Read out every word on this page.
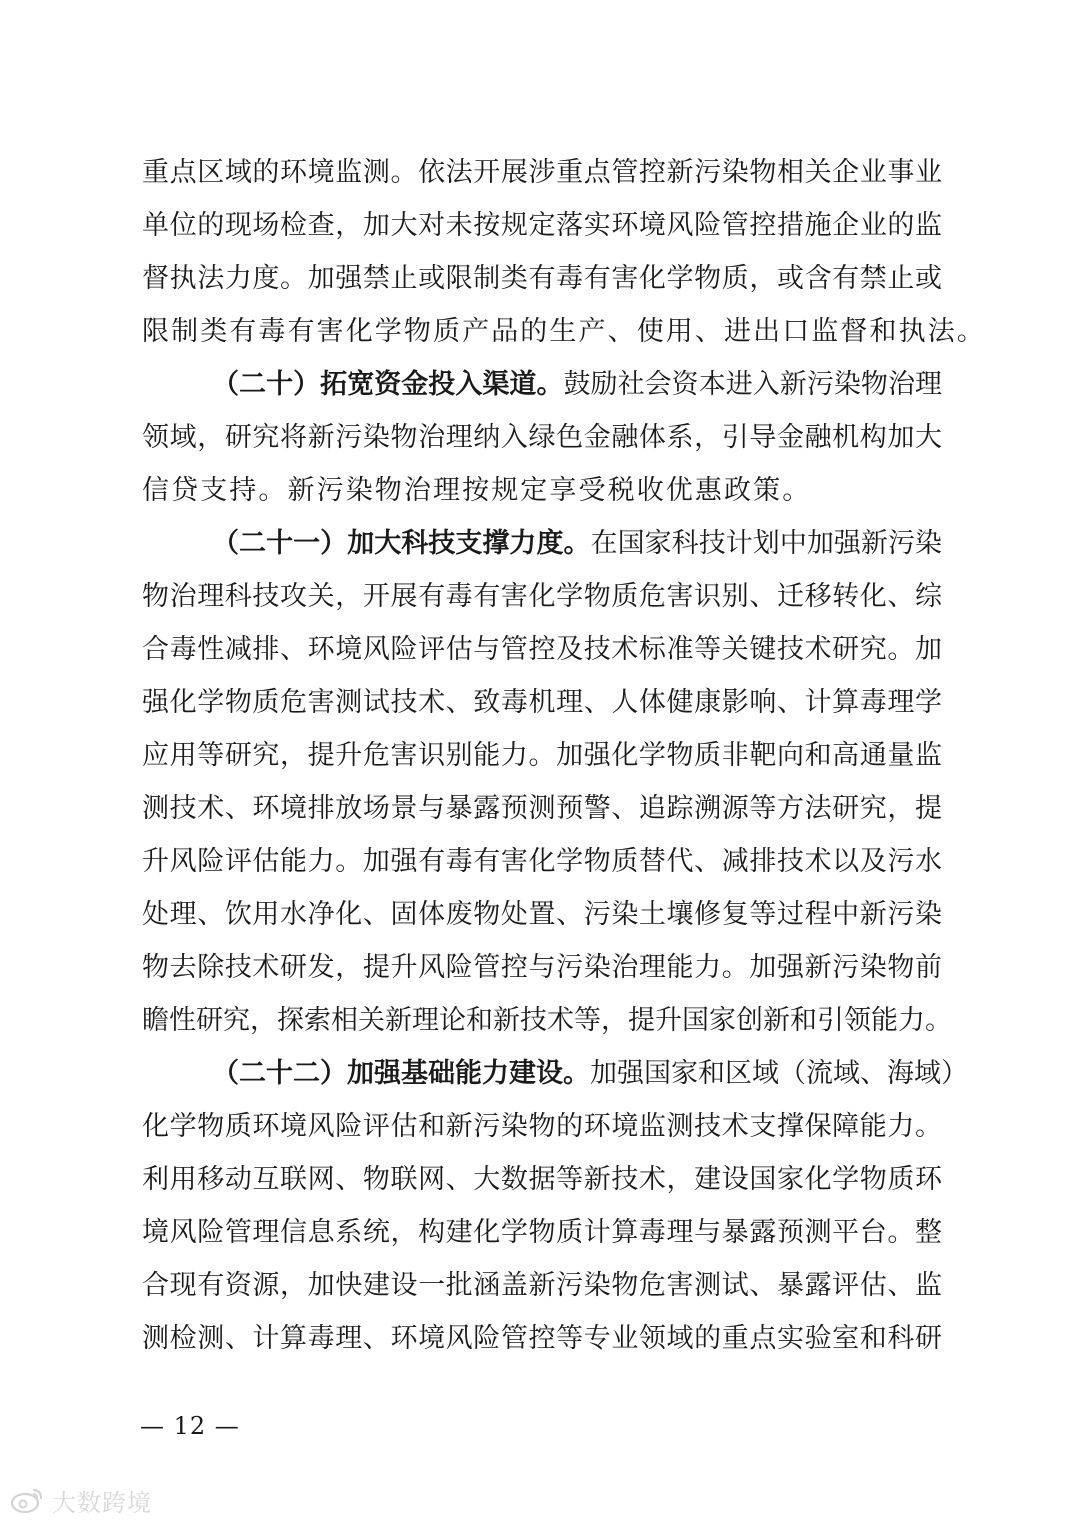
重点区域的环境监测。依法开展涉重点管控新污染物相关企业事业
单位的现场检查，加大对未按规定落实环境风险管控措施企业的监
督执法力度。加强禁止或限制类有毒有害化学物质，或含有禁止或
限制类有毒有害化学物质产品的生产、使用、进出口监督和执法。
（二十）拓宽资金投入渠道。鼓励社会资本进入新污染物治理
领域，研究将新污染物治理纳入绿色金融体系，引导金融机构加大
信贷支持。新污染物治理按规定享受税收优惠政策。
（二十一）加大科技支撑力度。在国家科技计划中加强新污染
物治理科技攻关，开展有毒有害化学物质危害识别、迁移转化、综
合毒性减排、环境风险评估与管控及技术标准等关键技术研究。加
强化学物质危害测试技术、致毒机理、人体健康影响、计算毒理学
应用等研究，提升危害识别能力。加强化学物质非靶向和高通量监
测技术、环境排放场景与暴露预测预警、追踪溯源等方法研究，提
升风险评估能力。加强有毒有害化学物质替代、减排技术以及污水
处理、饮用水净化、固体废物处置、污染土壤修复等过程中新污染
物去除技术研发，提升风险管控与污染治理能力。加强新污染物前
瞻性研究，探索相关新理论和新技术等，提升国家创新和引领能力。
（二十二）加强基础能力建设。加强国家和区域（流域、海域）
化学物质环境风险评估和新污染物的环境监测技术支撑保障能力。
利用移动互联网、物联网、大数据等新技术，建设国家化学物质环
境风险管理信息系统，构建化学物质计算毒理与暴露预测平台。整
合现有资源，加快建设一批涵盖新污染物危害测试、暴露评估、监
测检测、计算毒理、环境风险管控等专业领域的重点实验室和科研
— 12 —
大数跨境
